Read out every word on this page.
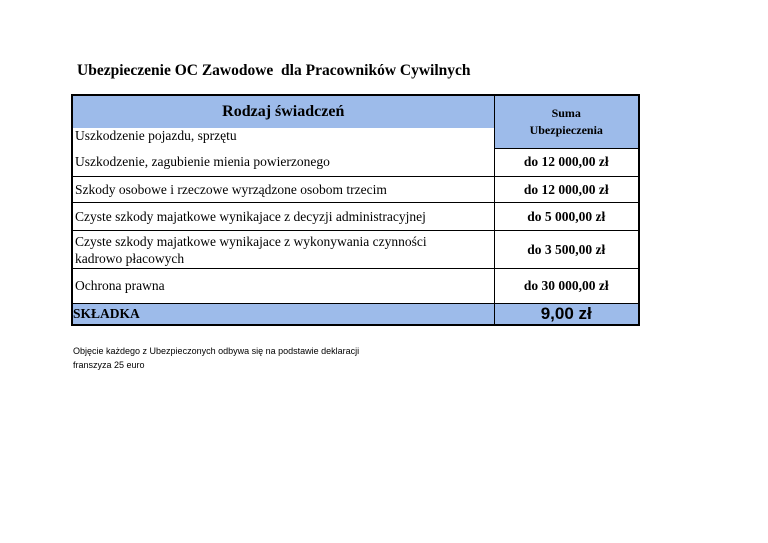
Ubezpieczenie OC Zawodowe  dla Pracowników Cywilnych
Rodzaj świadczeń	Suma
Ubezpieczenia
Uszkodzenie pojazdu, sprzętu	
Uszkodzenie, zagubienie mienia powierzonego	do 12 000,00 zł
Szkody osobowe i rzeczowe wyrządzone osobom trzecim	do 12 000,00 zł
Czyste szkody majatkowe wynikajace z decyzji administracyjnej	do 5 000,00 zł
Czyste szkody majatkowe wynikajace z wykonywania czynności
kadrowo płacowych	do 3 500,00 zł
Ochrona prawna	do 30 000,00 zł
SKŁADKA	9,00 zł
Objęcie każdego z Ubezpieczonych odbywa się na podstawie deklaracji
franszyza 25 euro
